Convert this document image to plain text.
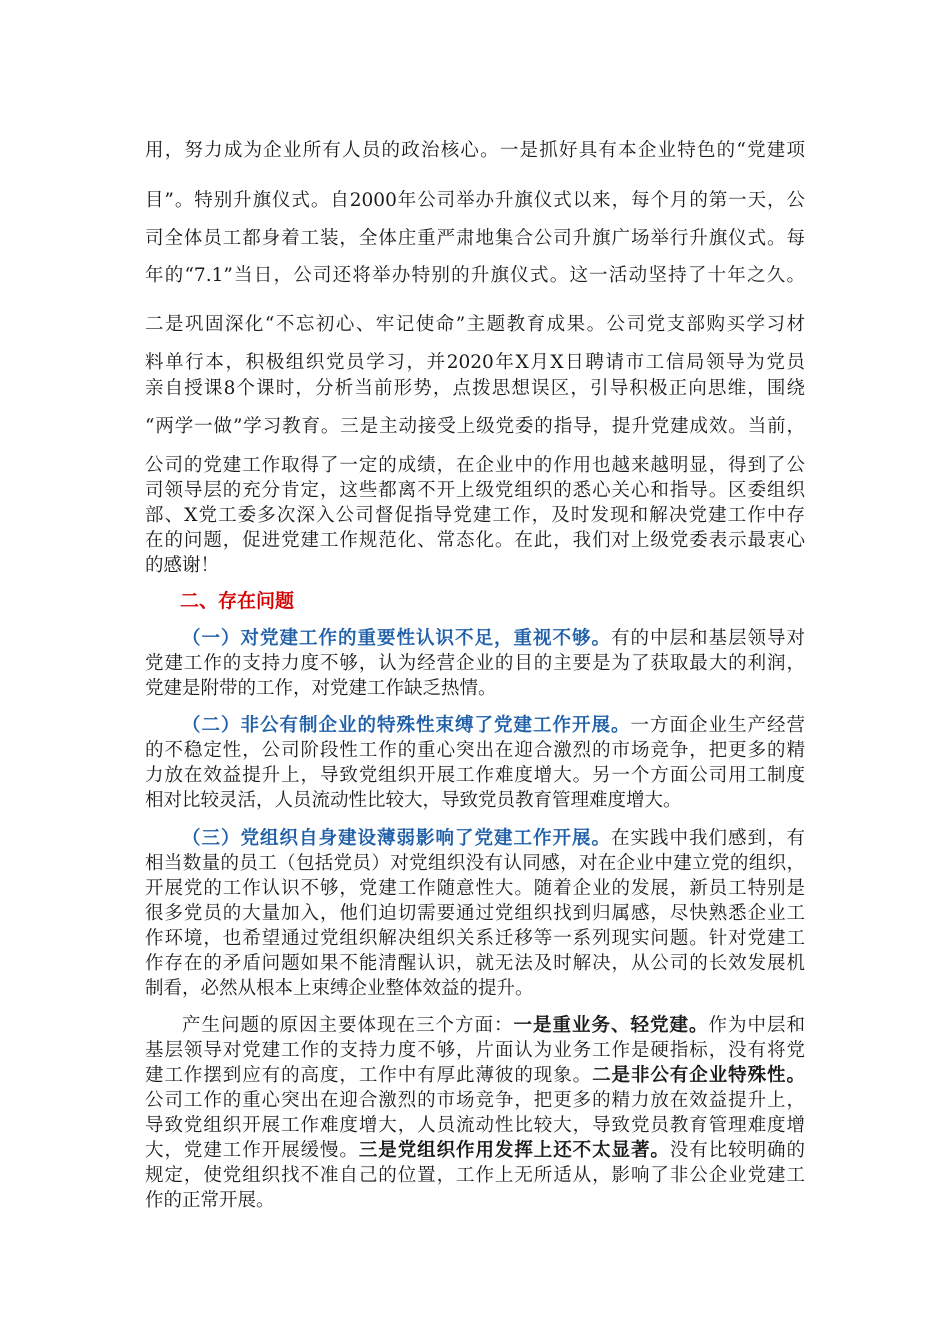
用，努力成为企业所有人员的政治核心。一是抓好具有本企业特色的“党建项
目”。特别升旗仪式。自2000年公司举办升旗仪式以来，每个月的第一天，公
司全体员工都身着工装，全体庄重严肃地集合公司升旗广场举行升旗仪式。每
年的“7.1”当日，公司还将举办特别的升旗仪式。这一活动坚持了十年之久。
二是巩固深化“不忘初心、牢记使命”主题教育成果。公司党支部购买学习材
料单行本，积极组织党员学习，并2020年X月X日聘请市工信局领导为党员
亲自授课8个课时，分析当前形势，点拨思想误区，引导积极正向思维，围绕
“两学一做”学习教育。三是主动接受上级党委的指导，提升党建成效。当前，
公司的党建工作取得了一定的成绩，在企业中的作用也越来越明显，得到了公
司领导层的充分肯定，这些都离不开上级党组织的悉心关心和指导。区委组织
部、X党工委多次深入公司督促指导党建工作，及时发现和解决党建工作中存
在的问题，促进党建工作规范化、常态化。在此，我们对上级党委表示最衷心
的感谢！
二、存在问题
（一）对党建工作的重要性认识不足，重视不够。有的中层和基层领导对
党建工作的支持力度不够，认为经营企业的目的主要是为了获取最大的利润，
党建是附带的工作，对党建工作缺乏热情。
（二）非公有制企业的特殊性束缚了党建工作开展。一方面企业生产经营
的不稳定性，公司阶段性工作的重心突出在迎合激烈的市场竞争，把更多的精
力放在效益提升上，导致党组织开展工作难度增大。另一个方面公司用工制度
相对比较灵活，人员流动性比较大，导致党员教育管理难度增大。
（三）党组织自身建设薄弱影响了党建工作开展。在实践中我们感到，有
相当数量的员工（包括党员）对党组织没有认同感，对在企业中建立党的组织，
开展党的工作认识不够，党建工作随意性大。随着企业的发展，新员工特别是
很多党员的大量加入，他们迫切需要通过党组织找到归属感，尽快熟悉企业工
作环境，也希望通过党组织解决组织关系迁移等一系列现实问题。针对党建工
作存在的矛盾问题如果不能清醒认识，就无法及时解决，从公司的长效发展机
制看，必然从根本上束缚企业整体效益的提升。
产生问题的原因主要体现在三个方面：一是重业务、轻党建。作为中层和
基层领导对党建工作的支持力度不够，片面认为业务工作是硬指标，没有将党
建工作摆到应有的高度，工作中有厚此薄彼的现象。二是非公有企业特殊性。
公司工作的重心突出在迎合激烈的市场竞争，把更多的精力放在效益提升上，
导致党组织开展工作难度增大，人员流动性比较大，导致党员教育管理难度增
大，党建工作开展缓慢。三是党组织作用发挥上还不太显著。没有比较明确的
规定，使党组织找不准自己的位置，工作上无所适从，影响了非公企业党建工
作的正常开展。
